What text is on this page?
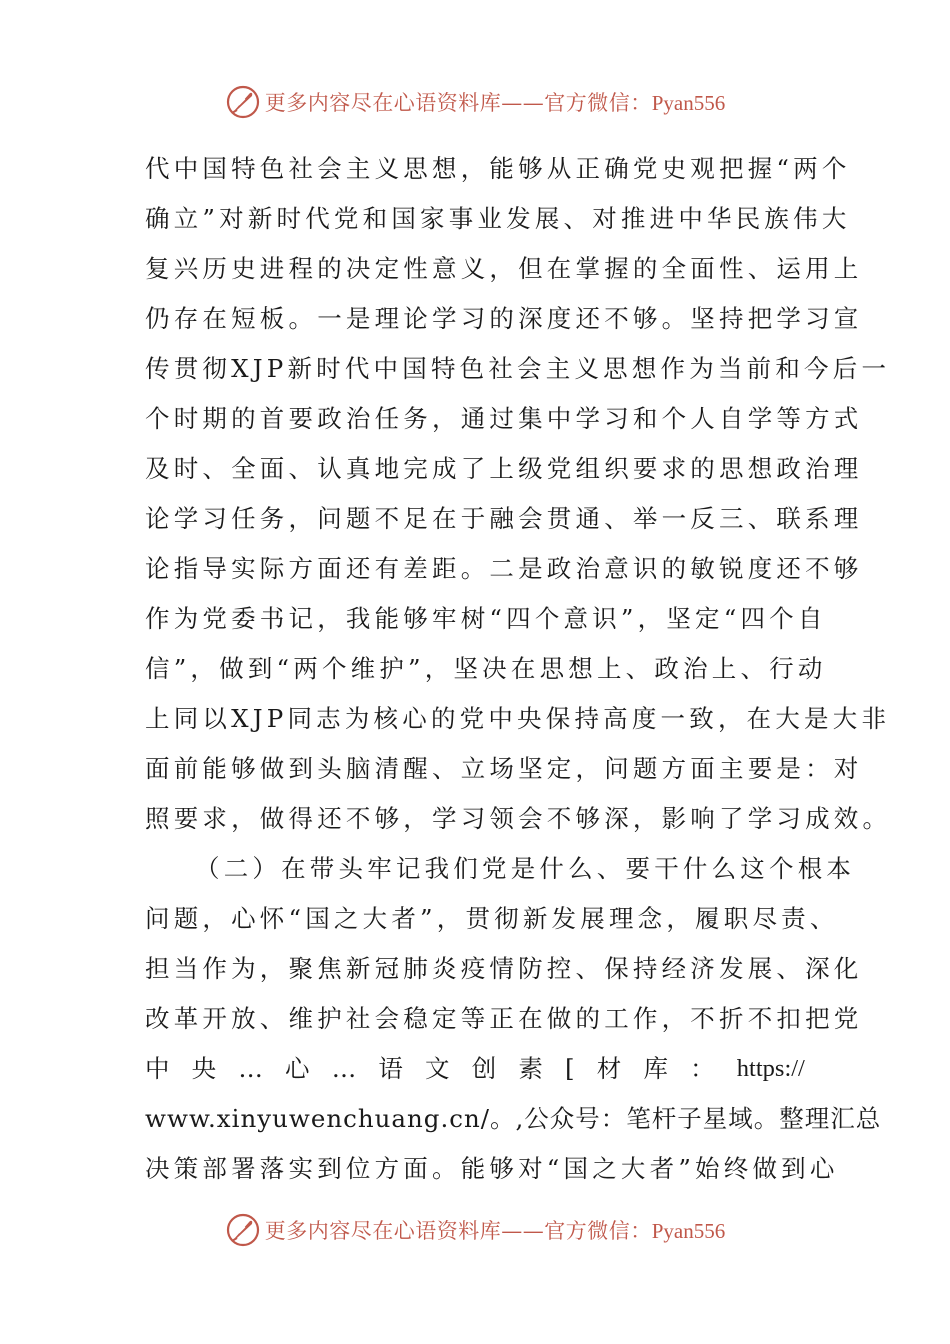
更多内容尽在心语资料库——官方微信：Pyan556
代中国特色社会主义思想，能够从正确党史观把握“两个
确立”对新时代党和国家事业发展、对推进中华民族伟大
复兴历史进程的决定性意义，但在掌握的全面性、运用上
仍存在短板。一是理论学习的深度还不够。坚持把学习宣
传贯彻XJP新时代中国特色社会主义思想作为当前和今后一
个时期的首要政治任务，通过集中学习和个人自学等方式
及时、全面、认真地完成了上级党组织要求的思想政治理
论学习任务，问题不足在于融会贯通、举一反三、联系理
论指导实际方面还有差距。二是政治意识的敏锐度还不够
作为党委书记，我能够牢树“四个意识”，坚定“四个自
信”，做到“两个维护”，坚决在思想上、政治上、行动
上同以XJP同志为核心的党中央保持高度一致，在大是大非
面前能够做到头脑清醒、立场坚定，问题方面主要是：对
照要求，做得还不够，学习领会不够深，影响了学习成效。
（二）在带头牢记我们党是什么、要干什么这个根本
问题，心怀“国之大者”，贯彻新发展理念，履职尽责、
担当作为，聚焦新冠肺炎疫情防控、保持经济发展、深化
改革开放、维护社会稳定等正在做的工作，不折不扣把党
中 央 … 心 … 语 文 创 素 [ 材 库 ： https://
www.xinyuwenchuang.cn/。,公众号：笔杆子星域。整理汇总
决策部署落实到位方面。能够对“国之大者”始终做到心
更多内容尽在心语资料库——官方微信：Pyan556
